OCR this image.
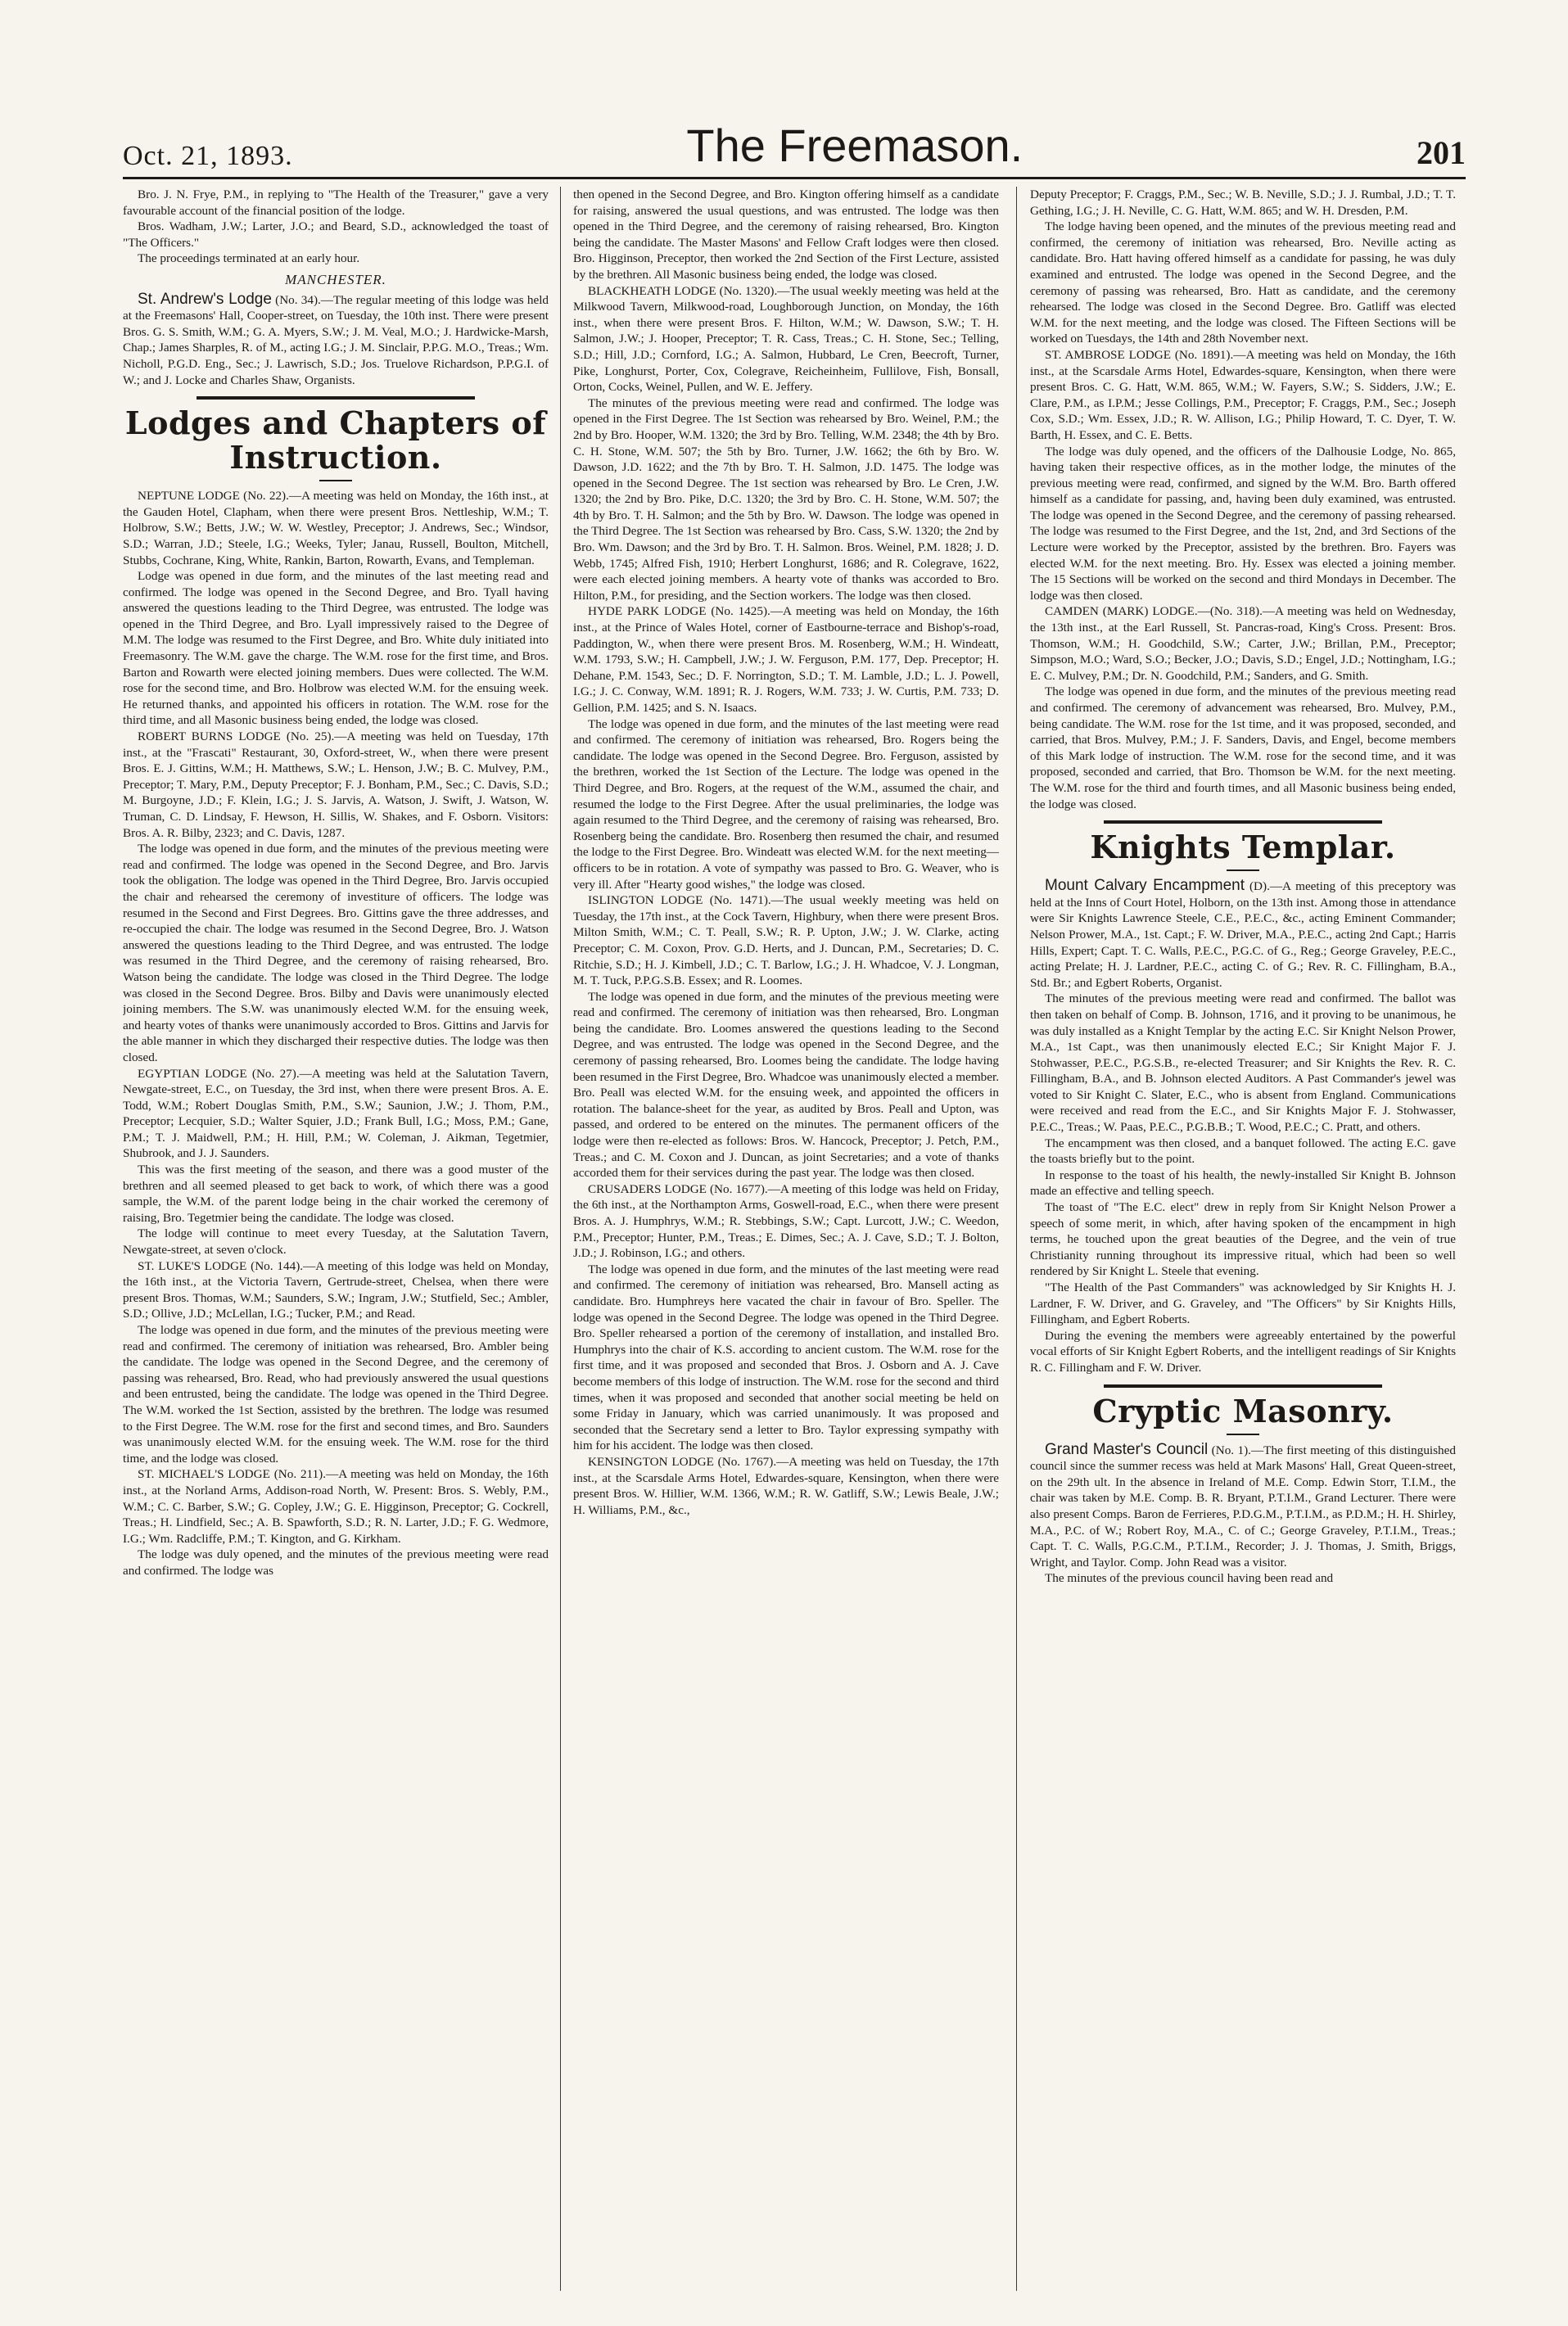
Oct. 21, 1893.	The Freemason.	201

Bro. J. N. Frye, P.M., in replying to "The Health of the Treasurer," gave a very favourable account of the financial position of the lodge.

Bros. Wadham, J.W.; Larter, J.O.; and Beard, S.D., acknowledged the toast of "The Officers."

The proceedings terminated at an early hour.

MANCHESTER.

St. Andrew's Lodge (No. 34).—The regular meeting of this lodge was held at the Freemasons' Hall, Cooper-street, on Tuesday, the 10th inst. There were present Bros. G. S. Smith, W.M.; G. A. Myers, S.W.; J. M. Veal, M.O.; J. Hardwicke-Marsh, Chap.; James Sharples, R. of M., acting I.G.; J. M. Sinclair, P.P.G. M.O., Treas.; Wm. Nicholl, P.G.D. Eng., Sec.; J. Lawrisch, S.D.; Jos. Truelove Richardson, P.P.G.I. of W.; and J. Locke and Charles Shaw, Organists.

Lodges and Chapters of Instruction.

NEPTUNE LODGE (No. 22).—A meeting was held on Monday, the 16th inst., at the Gauden Hotel, Clapham, when there were present Bros. Nettleship, W.M.; T. Holbrow, S.W.; Betts, J.W.; W. W. Westley, Preceptor; J. Andrews, Sec.; Windsor, S.D.; Warran, J.D.; Steele, I.G.; Weeks, Tyler; Janau, Russell, Boulton, Mitchell, Stubbs, Cochrane, King, White, Rankin, Barton, Rowarth, Evans, and Templeman.

Lodge was opened in due form, and the minutes of the last meeting read and confirmed. The lodge was opened in the Second Degree, and Bro. Tyall having answered the questions leading to the Third Degree, was entrusted. The lodge was opened in the Third Degree, and Bro. Lyall impressively raised to the Degree of M.M. The lodge was resumed to the First Degree, and Bro. White duly initiated into Freemasonry. The W.M. gave the charge. The W.M. rose for the first time, and Bros. Barton and Rowarth were elected joining members. Dues were collected. The W.M. rose for the second time, and Bro. Holbrow was elected W.M. for the ensuing week. He returned thanks, and appointed his officers in rotation. The W.M. rose for the third time, and all Masonic business being ended, the lodge was closed.

ROBERT BURNS LODGE (No. 25).—A meeting was held on Tuesday, 17th inst., at the "Frascati" Restaurant, 30, Oxford-street, W., when there were present Bros. E. J. Gittins, W.M.; H. Matthews, S.W.; L. Henson, J.W.; B. C. Mulvey, P.M., Preceptor; T. Mary, P.M., Deputy Preceptor; F. J. Bonham, P.M., Sec.; C. Davis, S.D.; M. Burgoyne, J.D.; F. Klein, I.G.; J. S. Jarvis, A. Watson, J. Swift, J. Watson, W. Truman, C. D. Lindsay, F. Hewson, H. Sillis, W. Shakes, and F. Osborn. Visitors: Bros. A. R. Bilby, 2323; and C. Davis, 1287.

The lodge was opened in due form, and the minutes of the previous meeting were read and confirmed. The lodge was opened in the Second Degree, and Bro. Jarvis took the obligation. The lodge was opened in the Third Degree, Bro. Jarvis occupied the chair and rehearsed the ceremony of investiture of officers. The lodge was resumed in the Second and First Degrees. Bro. Gittins gave the three addresses, and re-occupied the chair. The lodge was resumed in the Second Degree, Bro. J. Watson answered the questions leading to the Third Degree, and was entrusted. The lodge was resumed in the Third Degree, and the ceremony of raising rehearsed, Bro. Watson being the candidate. The lodge was closed in the Third Degree. The lodge was closed in the Second Degree. Bros. Bilby and Davis were unanimously elected joining members. The S.W. was unanimously elected W.M. for the ensuing week, and hearty votes of thanks were unanimously accorded to Bros. Gittins and Jarvis for the able manner in which they discharged their respective duties. The lodge was then closed.

EGYPTIAN LODGE (No. 27).—A meeting was held at the Salutation Tavern, Newgate-street, E.C., on Tuesday, the 3rd inst, when there were present Bros. A. E. Todd, W.M.; Robert Douglas Smith, P.M., S.W.; Saunion, J.W.; J. Thom, P.M., Preceptor; Lecquier, S.D.; Walter Squier, J.D.; Frank Bull, I.G.; Moss, P.M.; Gane, P.M.; T. J. Maidwell, P.M.; H. Hill, P.M.; W. Coleman, J. Aikman, Tegetmier, Shubrook, and J. J. Saunders.

This was the first meeting of the season, and there was a good muster of the brethren and all seemed pleased to get back to work, of which there was a good sample, the W.M. of the parent lodge being in the chair worked the ceremony of raising, Bro. Tegetmier being the candidate. The lodge was closed.

The lodge will continue to meet every Tuesday, at the Salutation Tavern, Newgate-street, at seven o'clock.

ST. LUKE'S LODGE (No. 144).—A meeting of this lodge was held on Monday, the 16th inst., at the Victoria Tavern, Gertrude-street, Chelsea, when there were present Bros. Thomas, W.M.; Saunders, S.W.; Ingram, J.W.; Stutfield, Sec.; Ambler, S.D.; Ollive, J.D.; McLellan, I.G.; Tucker, P.M.; and Read.

The lodge was opened in due form, and the minutes of the previous meeting were read and confirmed. The ceremony of initiation was rehearsed, Bro. Ambler being the candidate. The lodge was opened in the Second Degree, and the ceremony of passing was rehearsed, Bro. Read, who had previously answered the usual questions and been entrusted, being the candidate. The lodge was opened in the Third Degree. The W.M. worked the 1st Section, assisted by the brethren. The lodge was resumed to the First Degree. The W.M. rose for the first and second times, and Bro. Saunders was unanimously elected W.M. for the ensuing week. The W.M. rose for the third time, and the lodge was closed.

ST. MICHAEL'S LODGE (No. 211).—A meeting was held on Monday, the 16th inst., at the Norland Arms, Addison-road North, W. Present: Bros. S. Webly, P.M., W.M.; C. C. Barber, S.W.; G. Copley, J.W.; G. E. Higginson, Preceptor; G. Cockrell, Treas.; H. Lindfield, Sec.; A. B. Spawforth, S.D.; R. N. Larter, J.D.; F. G. Wedmore, I.G.; Wm. Radcliffe, P.M.; T. Kington, and G. Kirkham.

The lodge was duly opened, and the minutes of the previous meeting were read and confirmed. The lodge was

then opened in the Second Degree, and Bro. Kington offering himself as a candidate for raising, answered the usual questions, and was entrusted. The lodge was then opened in the Third Degree, and the ceremony of raising rehearsed, Bro. Kington being the candidate. The Master Masons' and Fellow Craft lodges were then closed. Bro. Higginson, Preceptor, then worked the 2nd Section of the First Lecture, assisted by the brethren. All Masonic business being ended, the lodge was closed.

BLACKHEATH LODGE (No. 1320).—The usual weekly meeting was held at the Milkwood Tavern, Milkwood-road, Loughborough Junction, on Monday, the 16th inst., when there were present Bros. F. Hilton, W.M.; W. Dawson, S.W.; T. H. Salmon, J.W.; J. Hooper, Preceptor; T. R. Cass, Treas.; C. H. Stone, Sec.; Telling, S.D.; Hill, J.D.; Cornford, I.G.; A. Salmon, Hubbard, Le Cren, Beecroft, Turner, Pike, Longhurst, Porter, Cox, Colegrave, Reicheinheim, Fullilove, Fish, Bonsall, Orton, Cocks, Weinel, Pullen, and W. E. Jeffery.

The minutes of the previous meeting were read and confirmed. The lodge was opened in the First Degree. The 1st Section was rehearsed by Bro. Weinel, P.M.; the 2nd by Bro. Hooper, W.M. 1320; the 3rd by Bro. Telling, W.M. 2348; the 4th by Bro. C. H. Stone, W.M. 507; the 5th by Bro. Turner, J.W. 1662; the 6th by Bro. W. Dawson, J.D. 1622; and the 7th by Bro. T. H. Salmon, J.D. 1475. The lodge was opened in the Second Degree. The 1st section was rehearsed by Bro. Le Cren, J.W. 1320; the 2nd by Bro. Pike, D.C. 1320; the 3rd by Bro. C. H. Stone, W.M. 507; the 4th by Bro. T. H. Salmon; and the 5th by Bro. W. Dawson. The lodge was opened in the Third Degree. The 1st Section was rehearsed by Bro. Cass, S.W. 1320; the 2nd by Bro. Wm. Dawson; and the 3rd by Bro. T. H. Salmon. Bros. Weinel, P.M. 1828; J. D. Webb, 1745; Alfred Fish, 1910; Herbert Longhurst, 1686; and R. Colegrave, 1622, were each elected joining members. A hearty vote of thanks was accorded to Bro. Hilton, P.M., for presiding, and the Section workers. The lodge was then closed.

HYDE PARK LODGE (No. 1425).—A meeting was held on Monday, the 16th inst., at the Prince of Wales Hotel, corner of Eastbourne-terrace and Bishop's-road, Paddington, W., when there were present Bros. M. Rosenberg, W.M.; H. Windeatt, W.M. 1793, S.W.; H. Campbell, J.W.; J. W. Ferguson, P.M. 177, Dep. Preceptor; H. Dehane, P.M. 1543, Sec.; D. F. Norrington, S.D.; T. M. Lamble, J.D.; L. J. Powell, I.G.; J. C. Conway, W.M. 1891; R. J. Rogers, W.M. 733; J. W. Curtis, P.M. 733; D. Gellion, P.M. 1425; and S. N. Isaacs.

The lodge was opened in due form, and the minutes of the last meeting were read and confirmed. The ceremony of initiation was rehearsed, Bro. Rogers being the candidate. The lodge was opened in the Second Degree. Bro. Ferguson, assisted by the brethren, worked the 1st Section of the Lecture. The lodge was opened in the Third Degree, and Bro. Rogers, at the request of the W.M., assumed the chair, and resumed the lodge to the First Degree. After the usual preliminaries, the lodge was again resumed to the Third Degree, and the ceremony of raising was rehearsed, Bro. Rosenberg being the candidate. Bro. Rosenberg then resumed the chair, and resumed the lodge to the First Degree. Bro. Windeatt was elected W.M. for the next meeting—officers to be in rotation. A vote of sympathy was passed to Bro. G. Weaver, who is very ill. After "Hearty good wishes," the lodge was closed.

ISLINGTON LODGE (No. 1471).—The usual weekly meeting was held on Tuesday, the 17th inst., at the Cock Tavern, Highbury, when there were present Bros. Milton Smith, W.M.; C. T. Peall, S.W.; R. P. Upton, J.W.; J. W. Clarke, acting Preceptor; C. M. Coxon, Prov. G.D. Herts, and J. Duncan, P.M., Secretaries; D. C. Ritchie, S.D.; H. J. Kimbell, J.D.; C. T. Barlow, I.G.; J. H. Whadcoe, V. J. Longman, M. T. Tuck, P.P.G.S.B. Essex; and R. Loomes.

The lodge was opened in due form, and the minutes of the previous meeting were read and confirmed. The ceremony of initiation was then rehearsed, Bro. Longman being the candidate. Bro. Loomes answered the questions leading to the Second Degree, and was entrusted. The lodge was opened in the Second Degree, and the ceremony of passing rehearsed, Bro. Loomes being the candidate. The lodge having been resumed in the First Degree, Bro. Whadcoe was unanimously elected a member. Bro. Peall was elected W.M. for the ensuing week, and appointed the officers in rotation. The balance-sheet for the year, as audited by Bros. Peall and Upton, was passed, and ordered to be entered on the minutes. The permanent officers of the lodge were then re-elected as follows: Bros. W. Hancock, Preceptor; J. Petch, P.M., Treas.; and C. M. Coxon and J. Duncan, as joint Secretaries; and a vote of thanks accorded them for their services during the past year. The lodge was then closed.

CRUSADERS LODGE (No. 1677).—A meeting of this lodge was held on Friday, the 6th inst., at the Northampton Arms, Goswell-road, E.C., when there were present Bros. A. J. Humphrys, W.M.; R. Stebbings, S.W.; Capt. Lurcott, J.W.; C. Weedon, P.M., Preceptor; Hunter, P.M., Treas.; E. Dimes, Sec.; A. J. Cave, S.D.; T. J. Bolton, J.D.; J. Robinson, I.G.; and others.

The lodge was opened in due form, and the minutes of the last meeting were read and confirmed. The ceremony of initiation was rehearsed, Bro. Mansell acting as candidate. Bro. Humphreys here vacated the chair in favour of Bro. Speller. The lodge was opened in the Second Degree. The lodge was opened in the Third Degree. Bro. Speller rehearsed a portion of the ceremony of installation, and installed Bro. Humphrys into the chair of K.S. according to ancient custom. The W.M. rose for the first time, and it was proposed and seconded that Bros. J. Osborn and A. J. Cave become members of this lodge of instruction. The W.M. rose for the second and third times, when it was proposed and seconded that another social meeting be held on some Friday in January, which was carried unanimously. It was proposed and seconded that the Secretary send a letter to Bro. Taylor expressing sympathy with him for his accident. The lodge was then closed.

KENSINGTON LODGE (No. 1767).—A meeting was held on Tuesday, the 17th inst., at the Scarsdale Arms Hotel, Edwardes-square, Kensington, when there were present Bros. W. Hillier, W.M. 1366, W.M.; R. W. Gatliff, S.W.; Lewis Beale, J.W.; H. Williams, P.M., &c.,

Deputy Preceptor; F. Craggs, P.M., Sec.; W. B. Neville, S.D.; J. J. Rumbal, J.D.; T. T. Gething, I.G.; J. H. Neville, C. G. Hatt, W.M. 865; and W. H. Dresden, P.M.

The lodge having been opened, and the minutes of the previous meeting read and confirmed, the ceremony of initiation was rehearsed, Bro. Neville acting as candidate. Bro. Hatt having offered himself as a candidate for passing, he was duly examined and entrusted. The lodge was opened in the Second Degree, and the ceremony of passing was rehearsed, Bro. Hatt as candidate, and the ceremony rehearsed. The lodge was closed in the Second Degree. Bro. Gatliff was elected W.M. for the next meeting, and the lodge was closed. The Fifteen Sections will be worked on Tuesdays, the 14th and 28th November next.

ST. AMBROSE LODGE (No. 1891).—A meeting was held on Monday, the 16th inst., at the Scarsdale Arms Hotel, Edwardes-square, Kensington, when there were present Bros. C. G. Hatt, W.M. 865, W.M.; W. Fayers, S.W.; S. Sidders, J.W.; E. Clare, P.M., as I.P.M.; Jesse Collings, P.M., Preceptor; F. Craggs, P.M., Sec.; Joseph Cox, S.D.; Wm. Essex, J.D.; R. W. Allison, I.G.; Philip Howard, T. C. Dyer, T. W. Barth, H. Essex, and C. E. Betts.

The lodge was duly opened, and the officers of the Dalhousie Lodge, No. 865, having taken their respective offices, as in the mother lodge, the minutes of the previous meeting were read, confirmed, and signed by the W.M. Bro. Barth offered himself as a candidate for passing, and, having been duly examined, was entrusted. The lodge was opened in the Second Degree, and the ceremony of passing rehearsed. The lodge was resumed to the First Degree, and the 1st, 2nd, and 3rd Sections of the Lecture were worked by the Preceptor, assisted by the brethren. Bro. Fayers was elected W.M. for the next meeting. Bro. Hy. Essex was elected a joining member. The 15 Sections will be worked on the second and third Mondays in December. The lodge was then closed.

CAMDEN (MARK) LODGE.—(No. 318).—A meeting was held on Wednesday, the 13th inst., at the Earl Russell, St. Pancras-road, King's Cross. Present: Bros. Thomson, W.M.; H. Goodchild, S.W.; Carter, J.W.; Brillan, P.M., Preceptor; Simpson, M.O.; Ward, S.O.; Becker, J.O.; Davis, S.D.; Engel, J.D.; Nottingham, I.G.; E. C. Mulvey, P.M.; Dr. N. Goodchild, P.M.; Sanders, and G. Smith.

The lodge was opened in due form, and the minutes of the previous meeting read and confirmed. The ceremony of advancement was rehearsed, Bro. Mulvey, P.M., being candidate. The W.M. rose for the 1st time, and it was proposed, seconded, and carried, that Bros. Mulvey, P.M.; J. F. Sanders, Davis, and Engel, become members of this Mark lodge of instruction. The W.M. rose for the second time, and it was proposed, seconded and carried, that Bro. Thomson be W.M. for the next meeting. The W.M. rose for the third and fourth times, and all Masonic business being ended, the lodge was closed.

Knights Templar.

Mount Calvary Encampment (D).—A meeting of this preceptory was held at the Inns of Court Hotel, Holborn, on the 13th inst. Among those in attendance were Sir Knights Lawrence Steele, C.E., P.E.C., &c., acting Eminent Commander; Nelson Prower, M.A., 1st. Capt.; F. W. Driver, M.A., P.E.C., acting 2nd Capt.; Harris Hills, Expert; Capt. T. C. Walls, P.E.C., P.G.C. of G., Reg.; George Graveley, P.E.C., acting Prelate; H. J. Lardner, P.E.C., acting C. of G.; Rev. R. C. Fillingham, B.A., Std. Br.; and Egbert Roberts, Organist.

The minutes of the previous meeting were read and confirmed. The ballot was then taken on behalf of Comp. B. Johnson, 1716, and it proving to be unanimous, he was duly installed as a Knight Templar by the acting E.C. Sir Knight Nelson Prower, M.A., 1st Capt., was then unanimously elected E.C.; Sir Knight Major F. J. Stohwasser, P.E.C., P.G.S.B., re-elected Treasurer; and Sir Knights the Rev. R. C. Fillingham, B.A., and B. Johnson elected Auditors. A Past Commander's jewel was voted to Sir Knight C. Slater, E.C., who is absent from England. Communications were received and read from the E.C., and Sir Knights Major F. J. Stohwasser, P.E.C., Treas.; W. Paas, P.E.C., P.G.B.B.; T. Wood, P.E.C.; C. Pratt, and others.

The encampment was then closed, and a banquet followed. The acting E.C. gave the toasts briefly but to the point.

In response to the toast of his health, the newly-installed Sir Knight B. Johnson made an effective and telling speech.

The toast of "The E.C. elect" drew in reply from Sir Knight Nelson Prower a speech of some merit, in which, after having spoken of the encampment in high terms, he touched upon the great beauties of the Degree, and the vein of true Christianity running throughout its impressive ritual, which had been so well rendered by Sir Knight L. Steele that evening.

"The Health of the Past Commanders" was acknowledged by Sir Knights H. J. Lardner, F. W. Driver, and G. Graveley, and "The Officers" by Sir Knights Hills, Fillingham, and Egbert Roberts.

During the evening the members were agreeably entertained by the powerful vocal efforts of Sir Knight Egbert Roberts, and the intelligent readings of Sir Knights R. C. Fillingham and F. W. Driver.

Cryptic Masonry.

Grand Master's Council (No. 1).—The first meeting of this distinguished council since the summer recess was held at Mark Masons' Hall, Great Queen-street, on the 29th ult. In the absence in Ireland of M.E. Comp. Edwin Storr, T.I.M., the chair was taken by M.E. Comp. B. R. Bryant, P.T.I.M., Grand Lecturer. There were also present Comps. Baron de Ferrieres, P.D.G.M., P.T.I.M., as P.D.M.; H. H. Shirley, M.A., P.C. of W.; Robert Roy, M.A., C. of C.; George Graveley, P.T.I.M., Treas.; Capt. T. C. Walls, P.G.C.M., P.T.I.M., Recorder; J. J. Thomas, J. Smith, Briggs, Wright, and Taylor. Comp. John Read was a visitor.

The minutes of the previous council having been read and
